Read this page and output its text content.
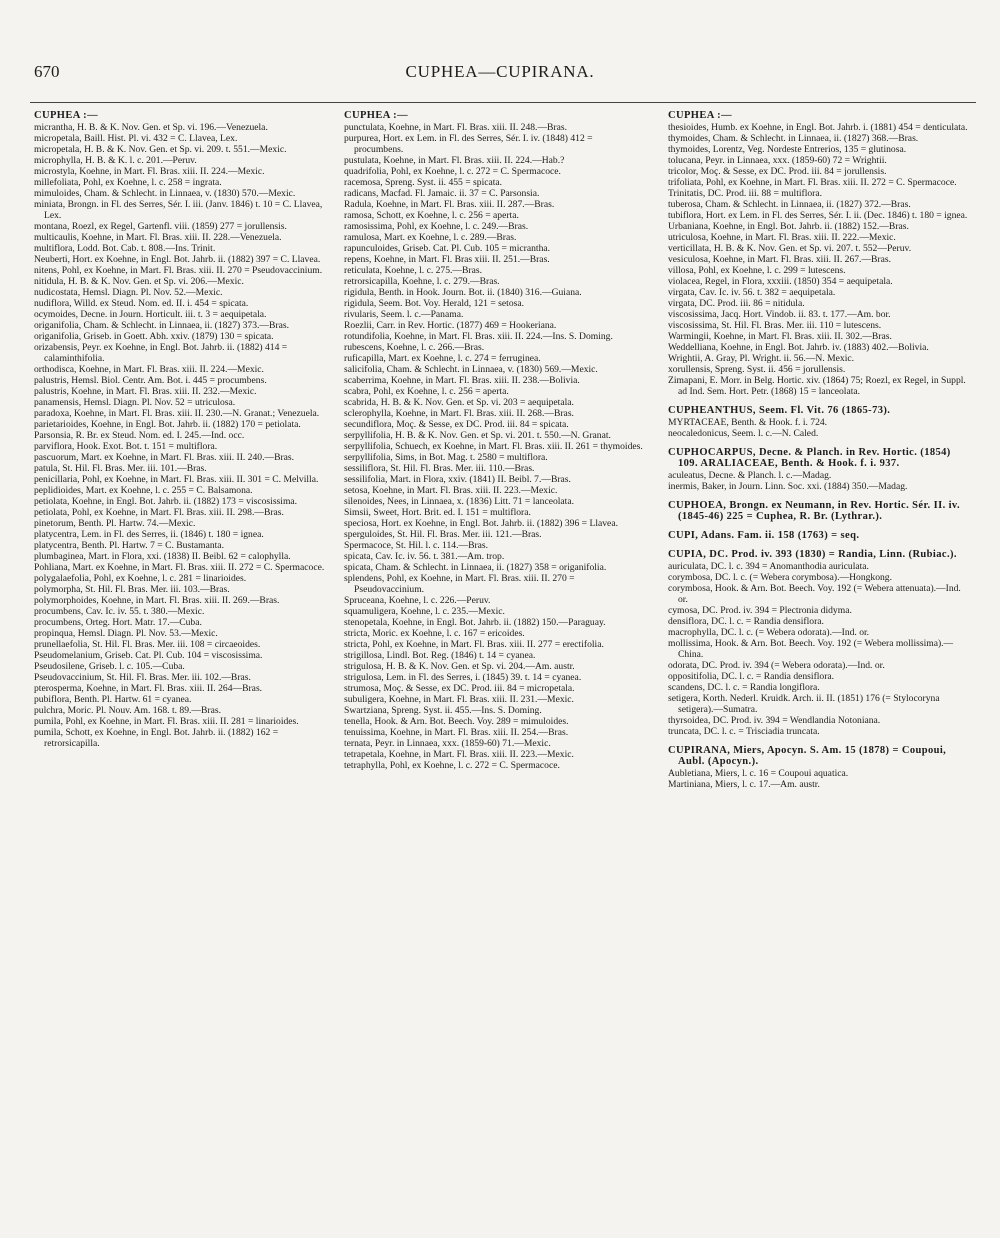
670	CUPHEA—CUPIRANA.
CUPHEA :—

micrantha, H. B. & K. Nov. Gen. et Sp. vi. 196.—Venezuela.

micropetala, Baill. Hist. Pl. vi. 432 = C. Llavea, Lex.

micropetala, H. B. & K. Nov. Gen. et Sp. vi. 209. t. 551.—Mexic.

microphylla, H. B. & K. l. c. 201.—Peruv.

microstyla, Koehne, in Mart. Fl. Bras. xiii. II. 224.—Mexic.

millefoliata, Pohl, ex Koehne, l. c. 258 = ingrata.

mimuloides, Cham. & Schlecht. in Linnaea, v. (1830) 570.—Mexic.

miniata, Brongn. in Fl. des Serres, Sér. I. iii. (Janv. 1846) t. 10 = C. Llavea, Lex.

montana, Roezl, ex Regel, Gartenfl. viii. (1859) 277 = jorullensis.

multicaulis, Koehne, in Mart. Fl. Bras. xiii. II. 228.—Venezuela.

multiflora, Lodd. Bot. Cab. t. 808.—Ins. Trinit.

Neuberti, Hort. ex Koehne, in Engl. Bot. Jahrb. ii. (1882) 397 = C. Llavea.

nitens, Pohl, ex Koehne, in Mart. Fl. Bras. xiii. II. 270 = Pseudovaccinium.

nitidula, H. B. & K. Nov. Gen. et Sp. vi. 206.—Mexic.

nudicostata, Hemsl. Diagn. Pl. Nov. 52.—Mexic.

nudiflora, Willd. ex Steud. Nom. ed. II. i. 454 = spicata.

ocymoides, Decne. in Journ. Horticult. iii. t. 3 = aequipetala.

origanifolia, Cham. & Schlecht. in Linnaea, ii. (1827) 373.—Bras.

origanifolia, Griseb. in Goett. Abh. xxiv. (1879) 130 = spicata.

orizabensis, Peyr. ex Koehne, in Engl. Bot. Jahrb. ii. (1882) 414 = calaminthifolia.

orthodisca, Koehne, in Mart. Fl. Bras. xiii. II. 224.—Mexic.

palustris, Hemsl. Biol. Centr. Am. Bot. i. 445 = procumbens.

palustris, Koehne, in Mart. Fl. Bras. xiii. II. 232.—Mexic.

panamensis, Hemsl. Diagn. Pl. Nov. 52 = utriculosa.

paradoxa, Koehne, in Mart. Fl. Bras. xiii. II. 230.—N. Granat.; Venezuela.

parietarioides, Koehne, in Engl. Bot. Jahrb. ii. (1882) 170 = petiolata.

Parsonsia, R. Br. ex Steud. Nom. ed. I. 245.—Ind. occ.

parviflora, Hook. Exot. Bot. t. 151 = multiflora.

pascuorum, Mart. ex Koehne, in Mart. Fl. Bras. xiii. II. 240.—Bras.

patula, St. Hil. Fl. Bras. Mer. iii. 101.—Bras.

penicillaria, Pohl, ex Koehne, in Mart. Fl. Bras. xiii. II. 301 = C. Melvilla.

peplidioides, Mart. ex Koehne, l. c. 255 = C. Balsamona.

petiolata, Koehne, in Engl. Bot. Jahrb. ii. (1882) 173 = viscosissima.

petiolata, Pohl, ex Koehne, in Mart. Fl. Bras. xiii. II. 298.—Bras.

pinetorum, Benth. Pl. Hartw. 74.—Mexic.

platycentra, Lem. in Fl. des Serres, ii. (1846) t. 180 = ignea.

platycentra, Benth. Pl. Hartw. 7 = C. Bustamanta.

plumbaginea, Mart. in Flora, xxi. (1838) II. Beibl. 62 = calophylla.

Pohliana, Mart. ex Koehne, in Mart. Fl. Bras. xiii. II. 272 = C. Spermacoce.

polygalaefolia, Pohl, ex Koehne, l. c. 281 = linarioides.

polymorpha, St. Hil. Fl. Bras. Mer. iii. 103.—Bras.

polymorphoides, Koehne, in Mart. Fl. Bras. xiii. II. 269.—Bras.

procumbens, Cav. Ic. iv. 55. t. 380.—Mexic.

procumbens, Orteg. Hort. Matr. 17.—Cuba.

propinqua, Hemsl. Diagn. Pl. Nov. 53.—Mexic.

prunellaefolia, St. Hil. Fl. Bras. Mer. iii. 108 = circaeoides.

Pseudomelanium, Griseb. Cat. Pl. Cub. 104 = viscosissima.

Pseudosilene, Griseb. l. c. 105.—Cuba.

Pseudovaccinium, St. Hil. Fl. Bras. Mer. iii. 102.—Bras.

pterosperma, Koehne, in Mart. Fl. Bras. xiii. II. 264—Bras.

pubiflora, Benth. Pl. Hartw. 61 = cyanea.

pulchra, Moric. Pl. Nouv. Am. 168. t. 89.—Bras.

pumila, Pohl, ex Koehne, in Mart. Fl. Bras. xiii. II. 281 = linarioides.

pumila, Schott, ex Koehne, in Engl. Bot. Jahrb. ii. (1882) 162 = retrorsicapilla.

CUPHEA :—

punctulata, Koehne, in Mart. Fl. Bras. xiii. II. 248.—Bras.

purpurea, Hort. ex Lem. in Fl. des Serres, Sér. I. iv. (1848) 412 = procumbens.

pustulata, Koehne, in Mart. Fl. Bras. xiii. II. 224.—Hab.?

quadrifolia, Pohl, ex Koehne, l. c. 272 = C. Spermacoce.

racemosa, Spreng. Syst. ii. 455 = spicata.

radicans, Macfad. Fl. Jamaic. ii. 37 = C. Parsonsia.

Radula, Koehne, in Mart. Fl. Bras. xiii. II. 287.—Bras.

ramosa, Schott, ex Koehne, l. c. 256 = aperta.

ramosissima, Pohl, ex Koehne, l. c. 249.—Bras.

ramulosa, Mart. ex Koehne, l. c. 289.—Bras.

rapunculoides, Griseb. Cat. Pl. Cub. 105 = micrantha.

repens, Koehne, in Mart. Fl. Bras xiii. II. 251.—Bras.

reticulata, Koehne, l. c. 275.—Bras.

retrorsicapilla, Koehne, l. c. 279.—Bras.

rigidula, Benth. in Hook. Journ. Bot. ii. (1840) 316.—Guiana.

rigidula, Seem. Bot. Voy. Herald, 121 = setosa.

rivularis, Seem. l. c.—Panama.

Roezlii, Carr. in Rev. Hortic. (1877) 469 = Hookeriana.

rotundifolia, Koehne, in Mart. Fl. Bras. xiii. II. 224.—Ins. S. Doming.

rubescens, Koehne, l. c. 266.—Bras.

ruficapilla, Mart. ex Koehne, l. c. 274 = ferruginea.

salicifolia, Cham. & Schlecht. in Linnaea, v. (1830) 569.—Mexic.

scaberrima, Koehne, in Mart. Fl. Bras. xiii. II. 238.—Bolivia.

scabra, Pohl, ex Koehne, l. c. 256 = aperta.

scabrida, H. B. & K. Nov. Gen. et Sp. vi. 203 = aequipetala.

sclerophylla, Koehne, in Mart. Fl. Bras. xiii. II. 268.—Bras.

secundiflora, Moç. & Sesse, ex DC. Prod. iii. 84 = spicata.

serpyllifolia, H. B. & K. Nov. Gen. et Sp. vi. 201. t. 550.—N. Granat.

serpyllifolia, Schuech, ex Koehne, in Mart. Fl. Bras. xiii. II. 261 = thymoides.

serpyllifolia, Sims, in Bot. Mag. t. 2580 = multiflora.

sessiliflora, St. Hil. Fl. Bras. Mer. iii. 110.—Bras.

sessilifolia, Mart. in Flora, xxiv. (1841) II. Beibl. 7.—Bras.

setosa, Koehne, in Mart. Fl. Bras. xiii. II. 223.—Mexic.

silenoides, Nees, in Linnaea, x. (1836) Litt. 71 = lanceolata.

Simsii, Sweet, Hort. Brit. ed. I. 151 = multiflora.

speciosa, Hort. ex Koehne, in Engl. Bot. Jahrb. ii. (1882) 396 = Llavea.

sperguloides, St. Hil. Fl. Bras. Mer. iii. 121.—Bras.

Spermacoce, St. Hil. l. c. 114.—Bras.

spicata, Cav. Ic. iv. 56. t. 381.—Am. trop.

spicata, Cham. & Schlecht. in Linnaea, ii. (1827) 358 = origanifolia.

splendens, Pohl, ex Koehne, in Mart. Fl. Bras. xiii. II. 270 = Pseudovaccinium.

Spruceana, Koehne, l. c. 226.—Peruv.

squamuligera, Koehne, l. c. 235.—Mexic.

stenopetala, Koehne, in Engl. Bot. Jahrb. ii. (1882) 150.—Paraguay.

stricta, Moric. ex Koehne, l. c. 167 = ericoides.

stricta, Pohl, ex Koehne, in Mart. Fl. Bras. xiii. II. 277 = erectifolia.

strigillosa, Lindl. Bot. Reg. (1846) t. 14 = cyanea.

strigulosa, H. B. & K. Nov. Gen. et Sp. vi. 204.—Am. austr.

strigulosa, Lem. in Fl. des Serres, i. (1845) 39. t. 14 = cyanea.

strumosa, Moç. & Sesse, ex DC. Prod. iii. 84 = micropetala.

subuligera, Koehne, in Mart. Fl. Bras. xiii. II. 231.—Mexic.

Swartziana, Spreng. Syst. ii. 455.—Ins. S. Doming.

tenella, Hook. & Arn. Bot. Beech. Voy. 289 = mimuloides.

tenuissima, Koehne, in Mart. Fl. Bras. xiii. II. 254.—Bras.

ternata, Peyr. in Linnaea, xxx. (1859-60) 71.—Mexic.

tetrapetala, Koehne, in Mart. Fl. Bras. xiii. II. 223.—Mexic.

tetraphylla, Pohl, ex Koehne, l. c. 272 = C. Spermacoce.

CUPHEA :—

thesioides, Humb. ex Koehne, in Engl. Bot. Jahrb. i. (1881) 454 = denticulata.

thymoides, Cham. & Schlecht. in Linnaea, ii. (1827) 368.—Bras.

thymoides, Lorentz, Veg. Nordeste Entrerios, 135 = glutinosa.

tolucana, Peyr. in Linnaea, xxx. (1859-60) 72 = Wrightii.

tricolor, Moç. & Sesse, ex DC. Prod. iii. 84 = jorullensis.

trifoliata, Pohl, ex Koehne, in Mart. Fl. Bras. xiii. II. 272 = C. Spermacoce.

Trinitatis, DC. Prod. iii. 88 = multiflora.

tuberosa, Cham. & Schlecht. in Linnaea, ii. (1827) 372.—Bras.

tubiflora, Hort. ex Lem. in Fl. des Serres, Sér. I. ii. (Dec. 1846) t. 180 = ignea.

Urbaniana, Koehne, in Engl. Bot. Jahrb. ii. (1882) 152.—Bras.

utriculosa, Koehne, in Mart. Fl. Bras. xiii. II. 222.—Mexic.

verticillata, H. B. & K. Nov. Gen. et Sp. vi. 207. t. 552—Peruv.

vesiculosa, Koehne, in Mart. Fl. Bras. xiii. II. 267.—Bras.

villosa, Pohl, ex Koehne, l. c. 299 = lutescens.

violacea, Regel, in Flora, xxxiii. (1850) 354 = aequipetala.

virgata, Cav. Ic. iv. 56. t. 382 = aequipetala.

virgata, DC. Prod. iii. 86 = nitidula.

viscosissima, Jacq. Hort. Vindob. ii. 83. t. 177.—Am. bor.

viscosissima, St. Hil. Fl. Bras. Mer. iii. 110 = lutescens.

Warmingii, Koehne, in Mart. Fl. Bras. xiii. II. 302.—Bras.

Weddelliana, Koehne, in Engl. Bot. Jahrb. iv. (1883) 402.—Bolivia.

Wrightii, A. Gray, Pl. Wright. ii. 56.—N. Mexic.

xorullensis, Spreng. Syst. ii. 456 = jorullensis.

Zimapani, E. Morr. in Belg. Hortic. xiv. (1864) 75; Roezl, ex Regel, in Suppl. ad Ind. Sem. Hort. Petr. (1868) 15 = lanceolata.

CUPHEANTHUS, Seem. Fl. Vit. 76 (1865-73).

MYRTACEAE, Benth. & Hook. f. i. 724.

neocaledonicus, Seem. l. c.—N. Caled.

CUPHOCARPUS, Decne. & Planch. in Rev. Hortic. (1854) 109. ARALIACEAE, Benth. & Hook. f. i. 937.

aculeatus, Decne. & Planch. l. c.—Madag.

inermis, Baker, in Journ. Linn. Soc. xxi. (1884) 350.—Madag.

CUPHOEA, Brongn. ex Neumann, in Rev. Hortic. Sér. II. iv. (1845-46) 225 = Cuphea, R. Br. (Lythrar.).

CUPI, Adans. Fam. ii. 158 (1763) = seq.

CUPIA, DC. Prod. iv. 393 (1830) = Randia, Linn. (Rubiac.).

auriculata, DC. l. c. 394 = Anomanthodia auriculata.

corymbosa, DC. l. c. (= Webera corymbosa).—Hongkong.

corymbosa, Hook. & Arn. Bot. Beech. Voy. 192 (= Webera attenuata).—Ind. or.

cymosa, DC. Prod. iv. 394 = Plectronia didyma.

densiflora, DC. l. c. = Randia densiflora.

macrophylla, DC. l. c. (= Webera odorata).—Ind. or.

mollissima, Hook. & Arn. Bot. Beech. Voy. 192 (= Webera mollissima).—China.

odorata, DC. Prod. iv. 394 (= Webera odorata).—Ind. or.

oppositifolia, DC. l. c. = Randia densiflora.

scandens, DC. l. c. = Randia longiflora.

setigera, Korth. Nederl. Kruidk. Arch. ii. II. (1851) 176 (= Stylocoryna setigera).—Sumatra.

thyrsoidea, DC. Prod. iv. 394 = Wendlandia Notoniana.

truncata, DC. l. c. = Trisciadia truncata.

CUPIRANA, Miers, Apocyn. S. Am. 15 (1878) = Coupoui, Aubl. (Apocyn.).

Aubletiana, Miers, l. c. 16 = Coupoui aquatica.

Martiniana, Miers, l. c. 17.—Am. austr.
